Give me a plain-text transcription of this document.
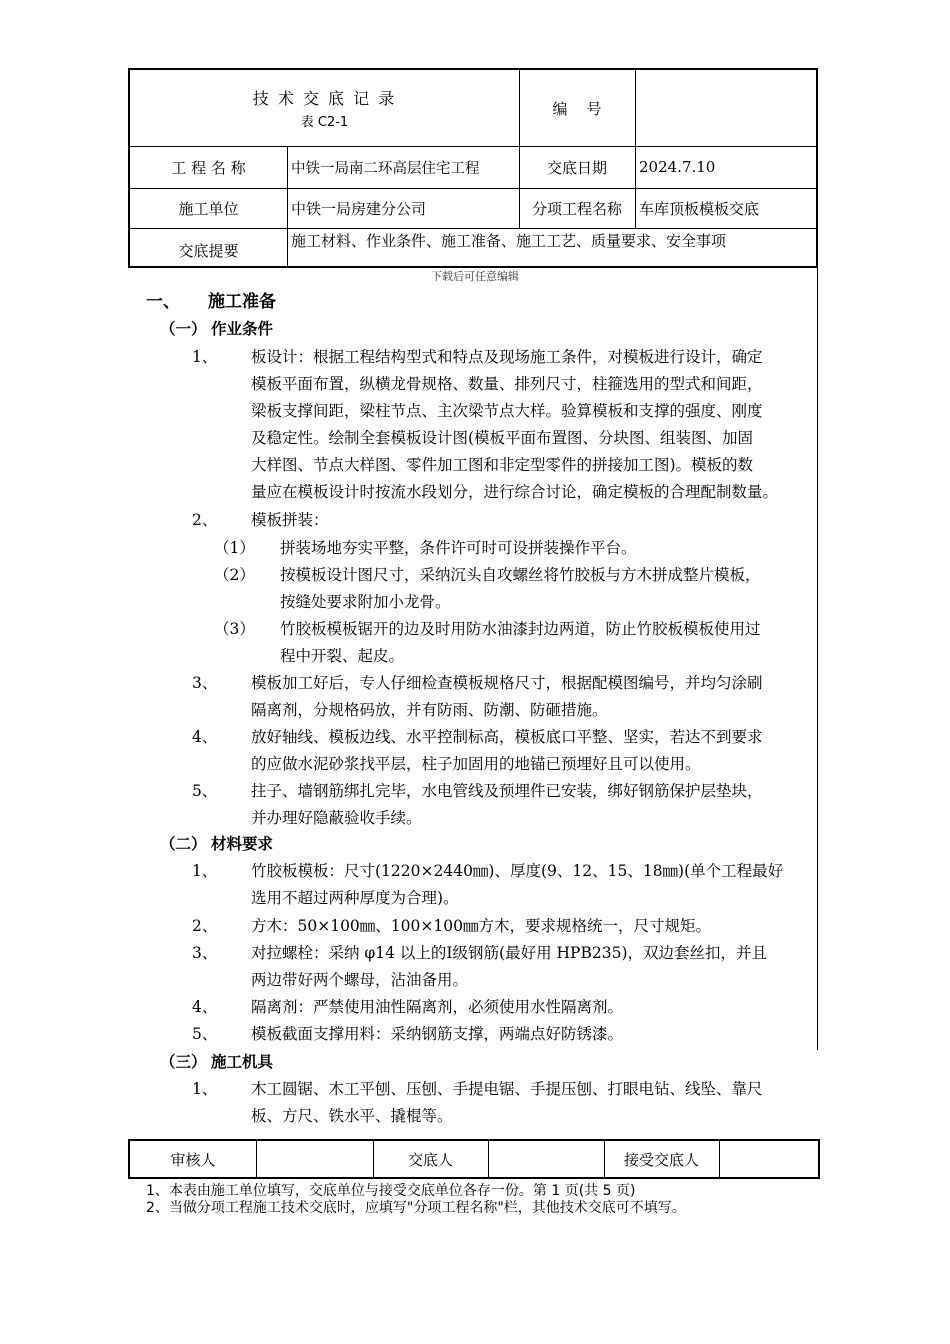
技 术 交 底 记 录
表 C2-1
编    号
工 程 名 称	中铁一局南二环高层住宅工程	交底日期	2024.7.10
施工单位	中铁一局房建分公司	分项工程名称	车库顶板模板交底
交底提要
施工材料、作业条件、施工准备、施工工艺、质量要求、安全事项
下载后可任意编辑
一、 施工准备
（一） 作业条件
1、 板设计：根据工程结构型式和特点及现场施工条件，对模板进行设计，确定
模板平面布置，纵横龙骨规格、数量、排列尺寸，柱箍选用的型式和间距，
梁板支撑间距，梁柱节点、主次梁节点大样。验算模板和支撑的强度、刚度
及稳定性。绘制全套模板设计图(模板平面布置图、分块图、组装图、加固
大样图、节点大样图、零件加工图和非定型零件的拼接加工图)。模板的数
量应在模板设计时按流水段划分，进行综合讨论，确定模板的合理配制数量。
2、 模板拼装：
（1） 拼装场地夯实平整，条件许可时可设拼装操作平台。
（2） 按模板设计图尺寸，采纳沉头自攻螺丝将竹胶板与方木拼成整片模板，
按缝处要求附加小龙骨。
（3） 竹胶板模板锯开的边及时用防水油漆封边两道，防止竹胶板模板使用过
程中开裂、起皮。
3、 模板加工好后，专人仔细检查模板规格尺寸，根据配模图编号，并均匀涂刷
隔离剂，分规格码放，并有防雨、防潮、防砸措施。
4、 放好轴线、模板边线、水平控制标高，模板底口平整、坚实，若达不到要求
的应做水泥砂浆找平层，柱子加固用的地锚已预埋好且可以使用。
5、 拄子、墙钢筋绑扎完毕，水电管线及预埋件已安装，绑好钢筋保护层垫块，
并办理好隐蔽验收手续。
（二） 材料要求
1、 竹胶板模板：尺寸(1220×2440㎜)、厚度(9、12、15、18㎜)(单个工程最好
选用不超过两种厚度为合理)。
2、 方木：50×100㎜、100×100㎜方木，要求规格统一，尺寸规矩。
3、 对拉螺栓：采纳 φ14 以上的Ⅰ级钢筋(最好用 HPB235)，双边套丝扣，并且
两边带好两个螺母，沾油备用。
4、 隔离剂：严禁使用油性隔离剂，必须使用水性隔离剂。
5、 模板截面支撑用料：采纳钢筋支撑，两端点好防锈漆。
（三） 施工机具
1、 木工圆锯、木工平刨、压刨、手提电锯、手提压刨、打眼电钻、线坠、靠尺
板、方尺、铁水平、撬棍等。
审核人	交底人	接受交底人
1、本表由施工单位填写，交底单位与接受交底单位各存一份。第 1 页(共 5 页)
2、当做分项工程施工技术交底时，应填写"分项工程名称"栏，其他技术交底可不填写。
